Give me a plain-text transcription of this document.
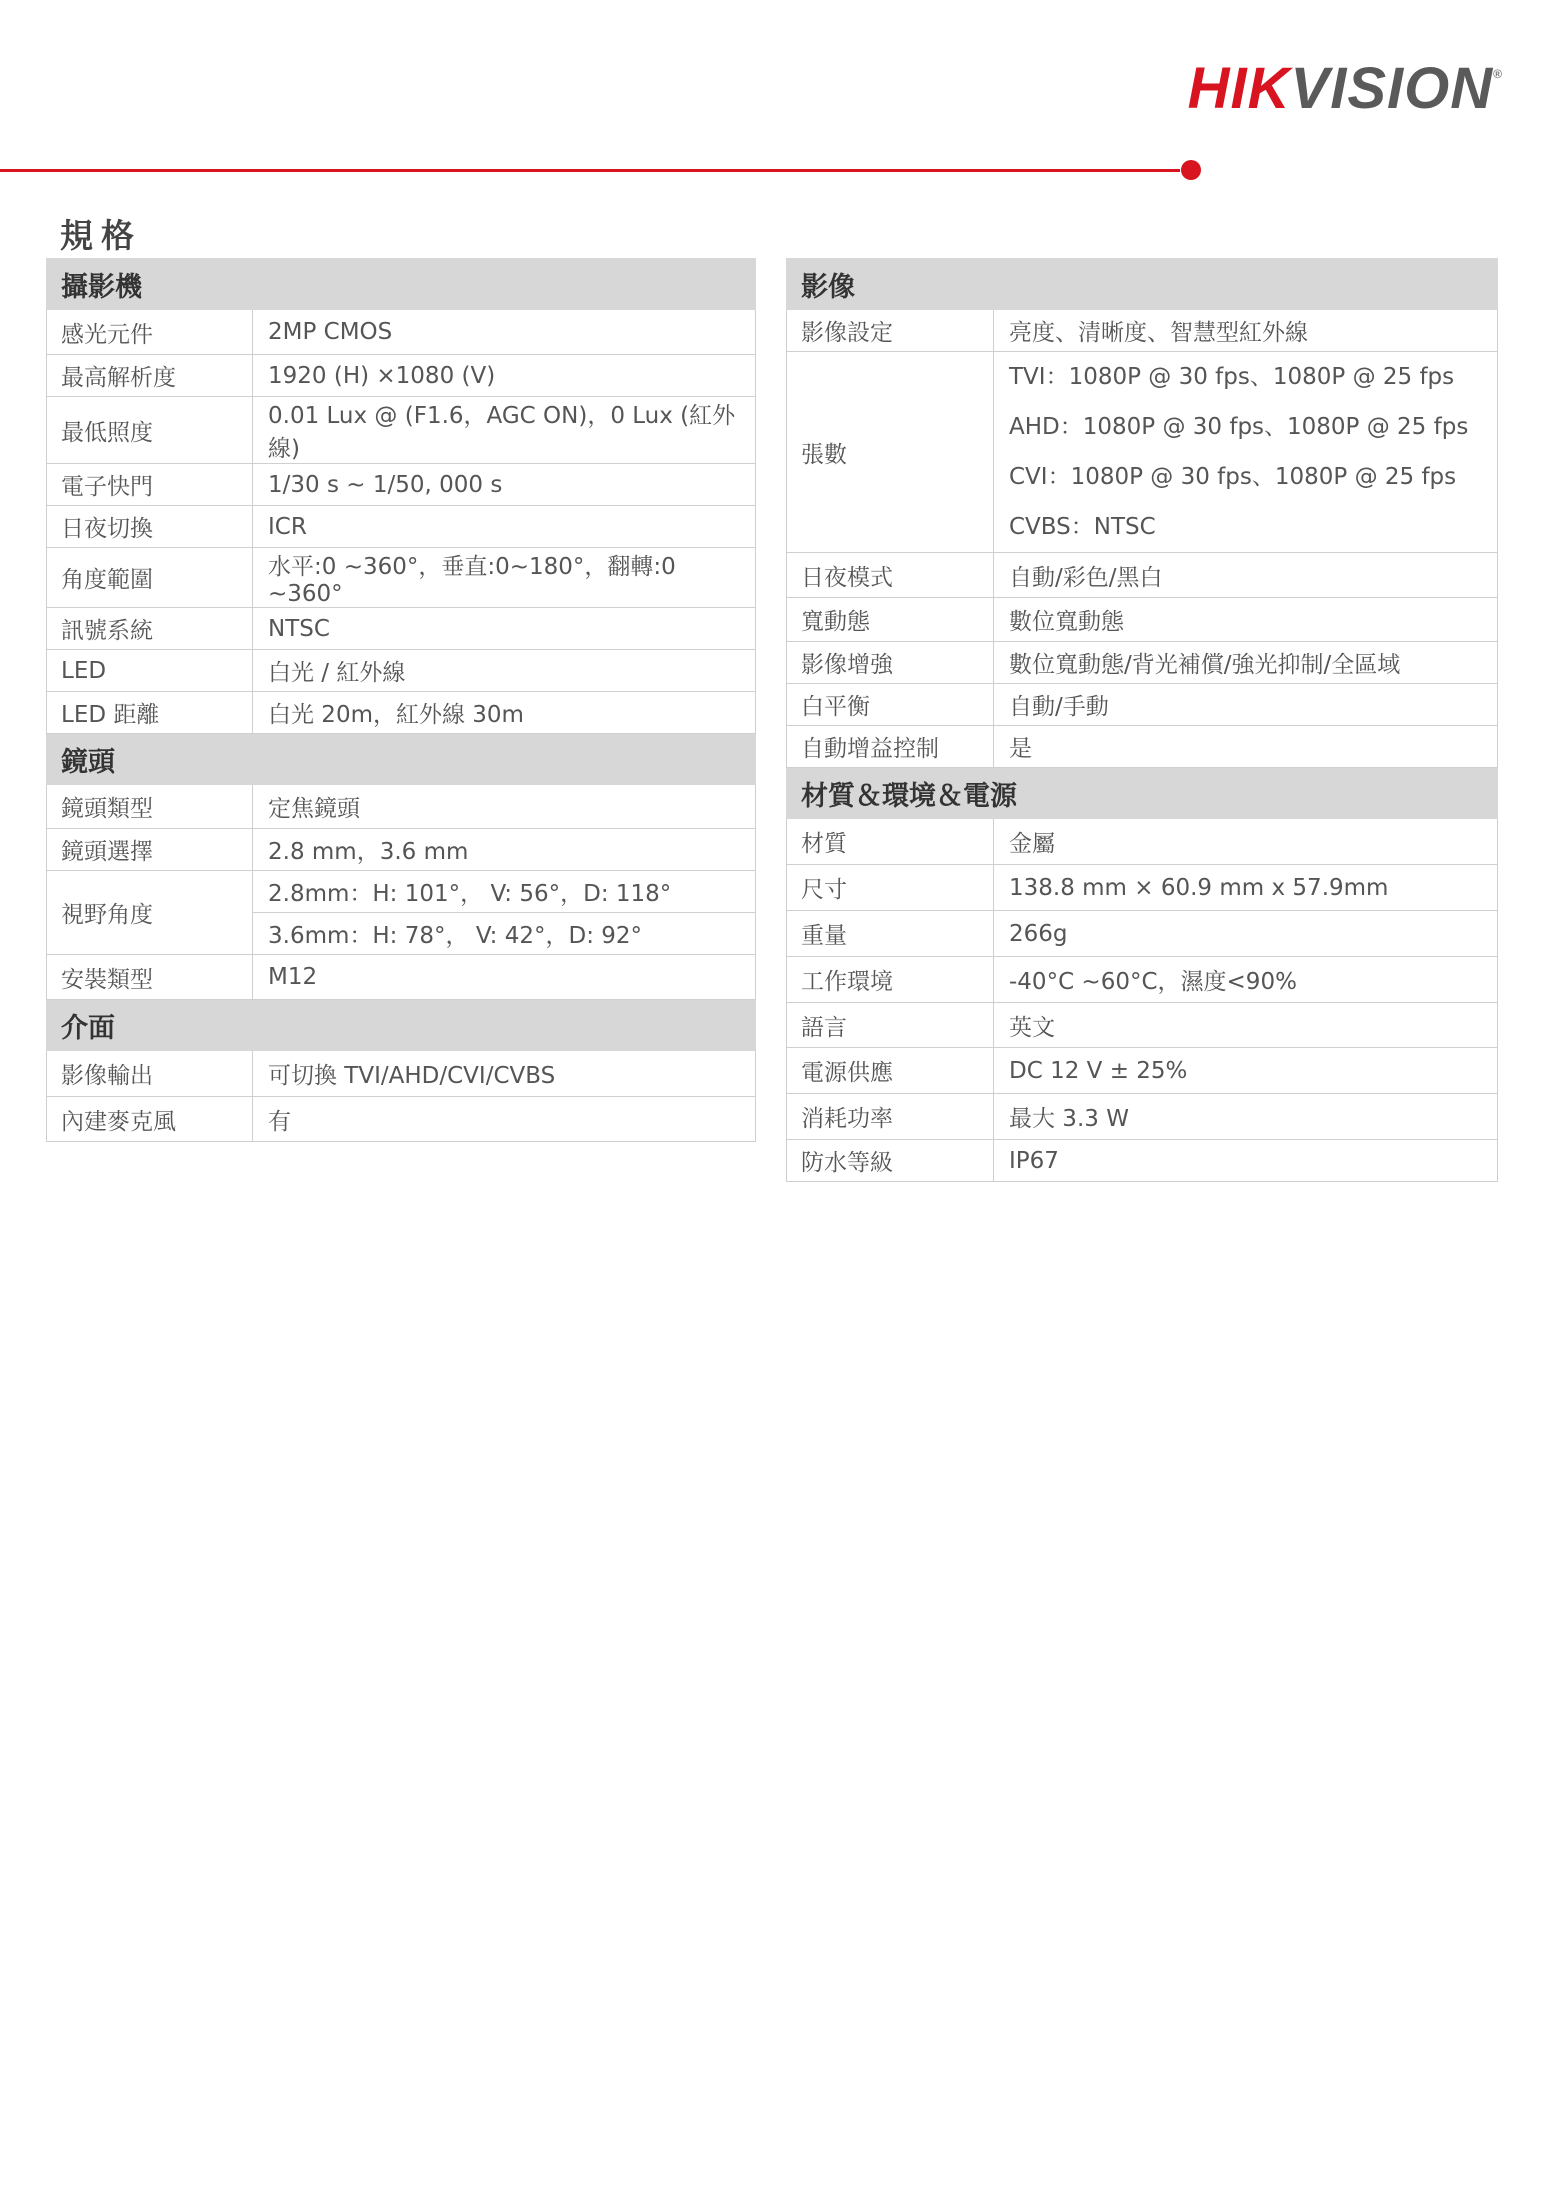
HIKVISION®
規格
攝影機	
感光元件	2MP CMOS
最高解析度	1920 (H) ×1080 (V)
最低照度	0.01 Lux @ (F1.6，AGC ON)，0 Lux (紅外線)
電子快門	1/30 s ~ 1/50, 000 s
日夜切換	ICR
角度範圍	水平:0 ~360°，垂直:0~180°，翻轉:0 ~360°
訊號系統	NTSC
LED	白光 / 紅外線
LED 距離	白光 20m，紅外線 30m
鏡頭	
鏡頭類型	定焦鏡頭
鏡頭選擇	2.8 mm，3.6 mm
視野角度	2.8mm：H: 101°， V: 56°，D: 118°
	3.6mm：H: 78°， V: 42°，D: 92°
安裝類型	M12
介面	
影像輸出	可切換 TVI/AHD/CVI/CVBS
內建麥克風	有
影像	
影像設定	亮度、清晰度、智慧型紅外線
張數	TVI：1080P @ 30 fps、1080P @ 25 fps
AHD：1080P @ 30 fps、1080P @ 25 fps
CVI：1080P @ 30 fps、1080P @ 25 fps
CVBS：NTSC

日夜模式	自動/彩色/黑白
寬動態	數位寬動態
影像增強	數位寬動態/背光補償/強光抑制/全區域
白平衡	自動/手動
自動增益控制	是
材質＆環境＆電源	
材質	金屬
尺寸	138.8 mm × 60.9 mm x 57.9mm
重量	266g
工作環境	-40°C ~60°C，濕度<90%
語言	英文
電源供應	DC 12 V ± 25%
消耗功率	最大 3.3 W
防水等級	IP67
